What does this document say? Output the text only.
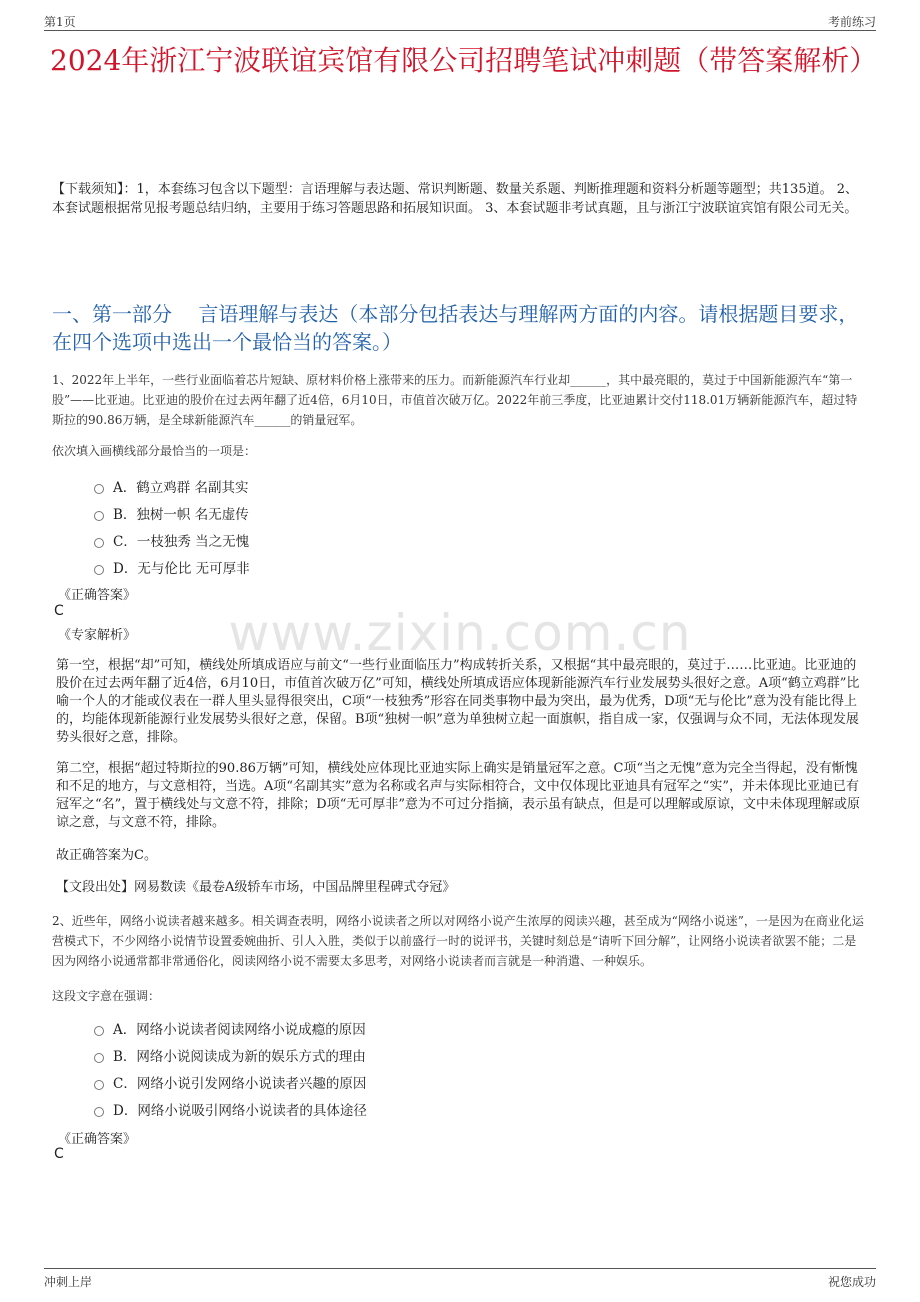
第1页	考前练习
2024年浙江宁波联谊宾馆有限公司招聘笔试冲刺题（带答案解析）
【下载须知】：1，本套练习包含以下题型：言语理解与表达题、常识判断题、数量关系题、判断推理题和资料分析题等题型；共135道。 2、本套试题根据常见报考题总结归纳，主要用于练习答题思路和拓展知识面。 3、本套试题非考试真题，且与浙江宁波联谊宾馆有限公司无关。
一、第一部分　 言语理解与表达（本部分包括表达与理解两方面的内容。请根据题目要求，在四个选项中选出一个最恰当的答案。）
1、2022年上半年，一些行业面临着芯片短缺、原材料价格上涨带来的压力。而新能源汽车行业却______，其中最亮眼的，莫过于中国新能源汽车“第一股”——比亚迪。比亚迪的股价在过去两年翻了近4倍，6月10日，市值首次破万亿。2022年前三季度，比亚迪累计交付118.01万辆新能源汽车，超过特斯拉的90.86万辆，是全球新能源汽车______的销量冠军。
依次填入画横线部分最恰当的一项是：
A．鹤立鸡群 名副其实
B．独树一帜 名无虚传
C．一枝独秀 当之无愧
D．无与伦比 无可厚非
《正确答案》
C
《专家解析》	www.zixin.com.cn
第一空，根据“却”可知，横线处所填成语应与前文“一些行业面临压力”构成转折关系，又根据“其中最亮眼的，莫过于……比亚迪。比亚迪的股价在过去两年翻了近4倍，6月10日，市值首次破万亿”可知，横线处所填成语应体现新能源汽车行业发展势头很好之意。A项“鹤立鸡群”比喻一个人的才能或仪表在一群人里头显得很突出，C项“一枝独秀”形容在同类事物中最为突出，最为优秀，D项“无与伦比”意为没有能比得上的，均能体现新能源行业发展势头很好之意，保留。B项“独树一帜”意为单独树立起一面旗帜，指自成一家，仅强调与众不同，无法体现发展势头很好之意，排除。
第二空，根据“超过特斯拉的90.86万辆”可知，横线处应体现比亚迪实际上确实是销量冠军之意。C项“当之无愧”意为完全当得起，没有惭愧和不足的地方，与文意相符，当选。A项“名副其实”意为名称或名声与实际相符合，文中仅体现比亚迪具有冠军之“实”，并未体现比亚迪已有冠军之“名”，置于横线处与文意不符，排除；D项“无可厚非”意为不可过分指摘，表示虽有缺点，但是可以理解或原谅，文中未体现理解或原谅之意，与文意不符，排除。
故正确答案为C。
【文段出处】网易数读《最卷A级轿车市场，中国品牌里程碑式夺冠》
2、近些年，网络小说读者越来越多。相关调查表明，网络小说读者之所以对网络小说产生浓厚的阅读兴趣，甚至成为“网络小说迷”，一是因为在商业化运营模式下，不少网络小说情节设置委婉曲折、引人入胜，类似于以前盛行一时的说评书，关键时刻总是“请听下回分解”，让网络小说读者欲罢不能；二是因为网络小说通常都非常通俗化，阅读网络小说不需要太多思考，对网络小说读者而言就是一种消遣、一种娱乐。
这段文字意在强调：
A．网络小说读者阅读网络小说成瘾的原因
B．网络小说阅读成为新的娱乐方式的理由
C．网络小说引发网络小说读者兴趣的原因
D．网络小说吸引网络小说读者的具体途径
《正确答案》
C
冲刺上岸	祝您成功
